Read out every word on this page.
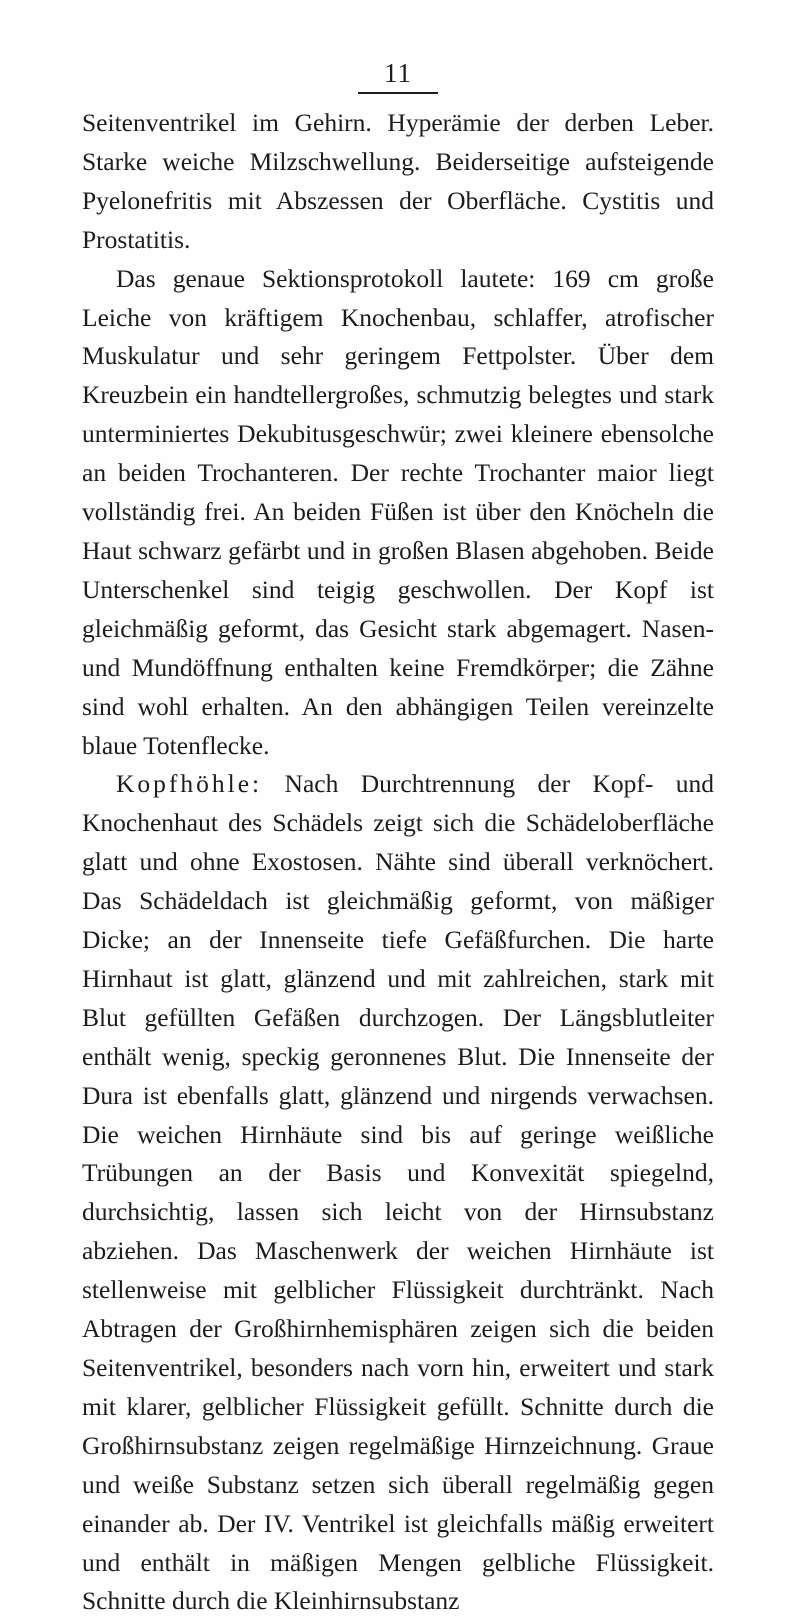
11

Seitenventrikel im Gehirn. Hyperämie der derben Leber. Starke weiche Milzschwellung. Beiderseitige aufsteigende Pyelonefritis mit Abszessen der Oberfläche. Cystitis und Prostatitis.

Das genaue Sektionsprotokoll lautete: 169 cm große Leiche von kräftigem Knochenbau, schlaffer, atrofischer Muskulatur und sehr geringem Fettpolster. Über dem Kreuzbein ein handtellergroßes, schmutzig belegtes und stark unterminiertes Dekubitusgeschwür; zwei kleinere ebensolche an beiden Trochanteren. Der rechte Trochanter maior liegt vollständig frei. An beiden Füßen ist über den Knöcheln die Haut schwarz gefärbt und in großen Blasen abgehoben. Beide Unterschenkel sind teigig geschwollen. Der Kopf ist gleichmäßig geformt, das Gesicht stark abgemagert. Nasen- und Mundöffnung enthalten keine Fremdkörper; die Zähne sind wohl erhalten. An den abhängigen Teilen vereinzelte blaue Totenflecke.

Kopfhöhle: Nach Durchtrennung der Kopf- und Knochenhaut des Schädels zeigt sich die Schädeloberfläche glatt und ohne Exostosen. Nähte sind überall verknöchert. Das Schädeldach ist gleichmäßig geformt, von mäßiger Dicke; an der Innenseite tiefe Gefäßfurchen. Die harte Hirnhaut ist glatt, glänzend und mit zahlreichen, stark mit Blut gefüllten Gefäßen durchzogen. Der Längsblutleiter enthält wenig, speckig geronnenes Blut. Die Innenseite der Dura ist ebenfalls glatt, glänzend und nirgends verwachsen. Die weichen Hirnhäute sind bis auf geringe weißliche Trübungen an der Basis und Konvexität spiegelnd, durchsichtig, lassen sich leicht von der Hirnsubstanz abziehen. Das Maschenwerk der weichen Hirnhäute ist stellenweise mit gelblicher Flüssigkeit durchtränkt. Nach Abtragen der Großhirnhemisphären zeigen sich die beiden Seitenventrikel, besonders nach vorn hin, erweitert und stark mit klarer, gelblicher Flüssigkeit gefüllt. Schnitte durch die Großhirnsubstanz zeigen regelmäßige Hirnzeichnung. Graue und weiße Substanz setzen sich überall regelmäßig gegen einander ab. Der IV. Ventrikel ist gleichfalls mäßig erweitert und enthält in mäßigen Mengen gelbliche Flüssigkeit. Schnitte durch die Kleinhirnsubstanz
